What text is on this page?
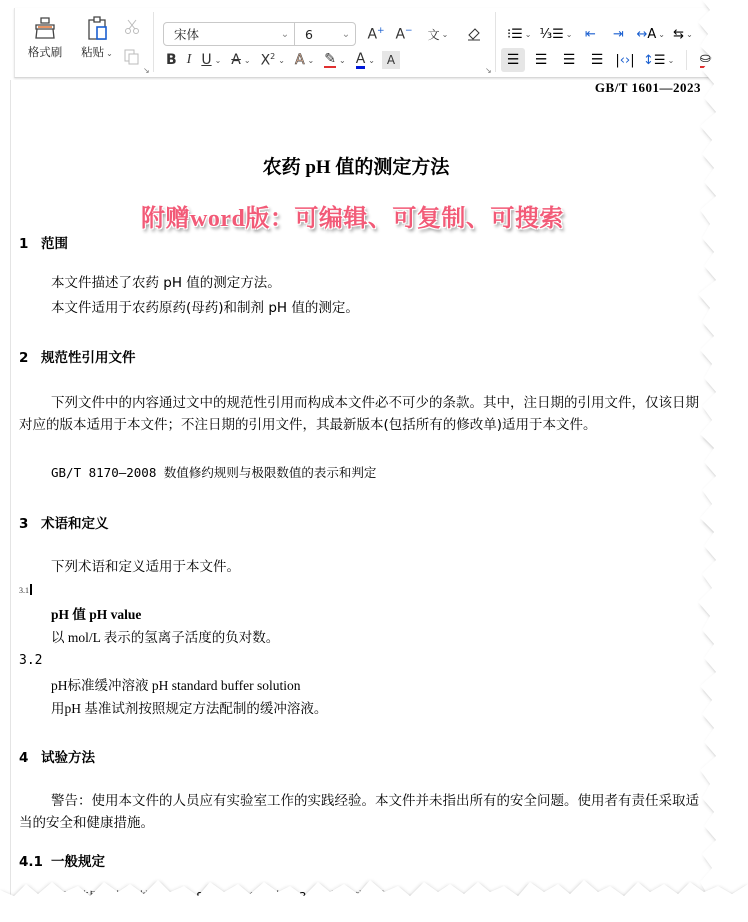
格式刷	粘贴 ⌄
↘
宋体	⌄	6	⌄	A+ A− 文 ⌄
B I U ⌄ A ⌄ $X^2$ ⌄ A ⌄ ✎ ⌄ A ⌄ A
↘
⁝☰ ⌄ ⅓☰ ⌄ ⇤ ⇥ ↔A ⌄ ⇆ ⌄
☰ ☰ ☰ ☰ |‹›| ↕☰ ⌄ ⛀
GB/T 1601—2023
农药 pH 值的测定方法
附赠word版：可编辑、可复制、可搜索
1 范围
本文件描述了农药 pH 值的测定方法。
本文件适用于农药原药(母药)和制剂 pH 值的测定。
2 规范性引用文件
下列文件中的内容通过文中的规范性引用而构成本文件必不可少的条款。其中，注日期的引用文件，仅该日期对应的版本适用于本文件；不注日期的引用文件，其最新版本(包括所有的修改单)适用于本文件。
GB/T 8170—2008 数值修约规则与极限数值的表示和判定
3 术语和定义
下列术语和定义适用于本文件。
3.1
pH 值 pH value
以 mol/L 表示的氢离子活度的负对数。
3.2
pH标准缓冲溶液 pH standard buffer solution
用pH 基准试剂按照规定方法配制的缓冲溶液。
4 试验方法
警告：使用本文件的人员应有实验室工作的实践经验。本文件并未指出所有的安全问题。使用者有责任采取适当的安全和健康措施。
4.1 一般规定
